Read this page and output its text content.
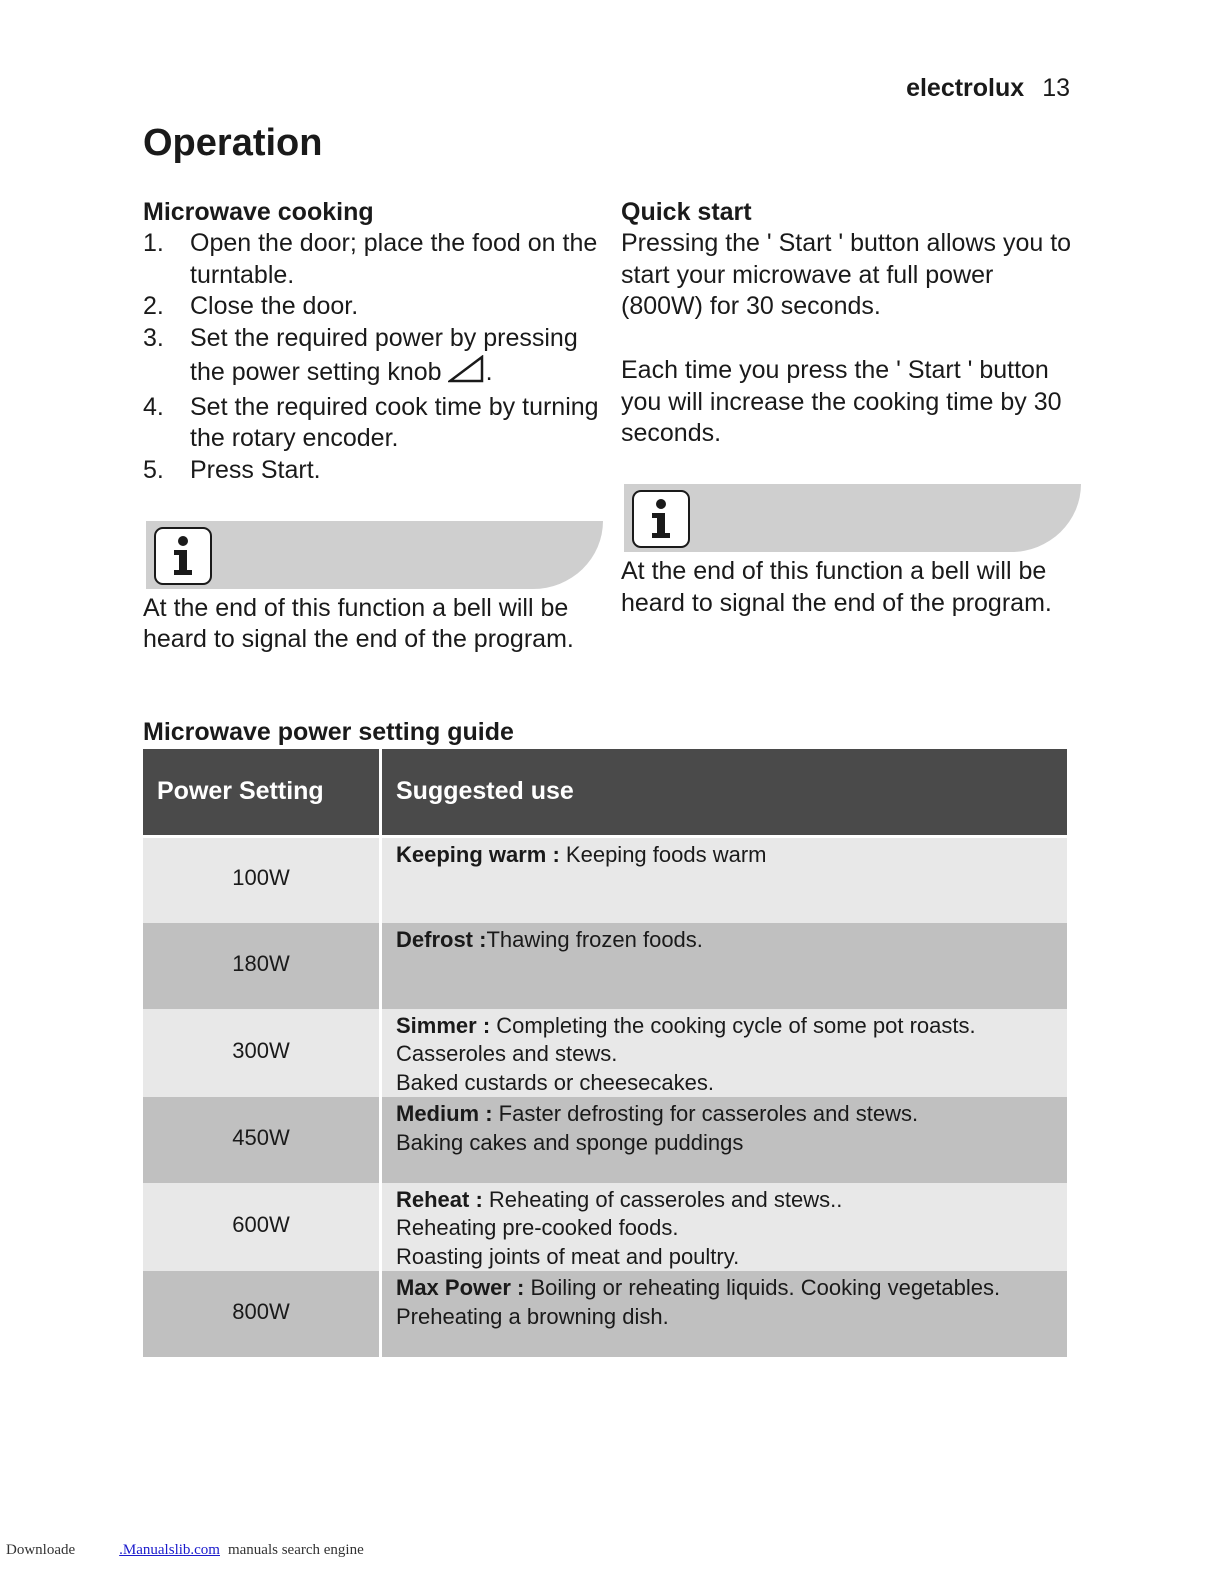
electrolux 13
Operation
Microwave cooking
1.	Open the door; place the food on the turntable.
2.	Close the door.
3.	Set the required power by pressing the power setting knob .
4.	Set the required cook time by turning the rotary encoder.
5.	Press Start.
At the end of this function a bell will be heard to signal the end of the program.
Quick start

Pressing the ' Start ' button allows you to start your microwave at full power (800W) for 30 seconds.

Each time you press the ' Start ' button you will increase the cooking time by 30 seconds.

At the end of this function a bell will be heard to signal the end of the program.
Microwave power setting guide
Power Setting		Suggested use

100W		Keeping warm : Keeping foods warm
180W		Defrost :Thawing frozen foods.
300W		Simmer : Completing the cooking cycle of some pot roasts.
Casseroles and stews.
Baked custards or cheesecakes.
450W		Medium : Faster defrosting for casseroles and stews.
Baking cakes and sponge puddings
600W		Reheat : Reheating of casseroles and stews..
Reheating pre-cooked foods.
Roasting joints of meat and poultry.
800W		Max Power : Boiling or reheating liquids. Cooking vegetables.
Preheating a browning dish.
Downloade	.Manualslib.com manuals search engine
